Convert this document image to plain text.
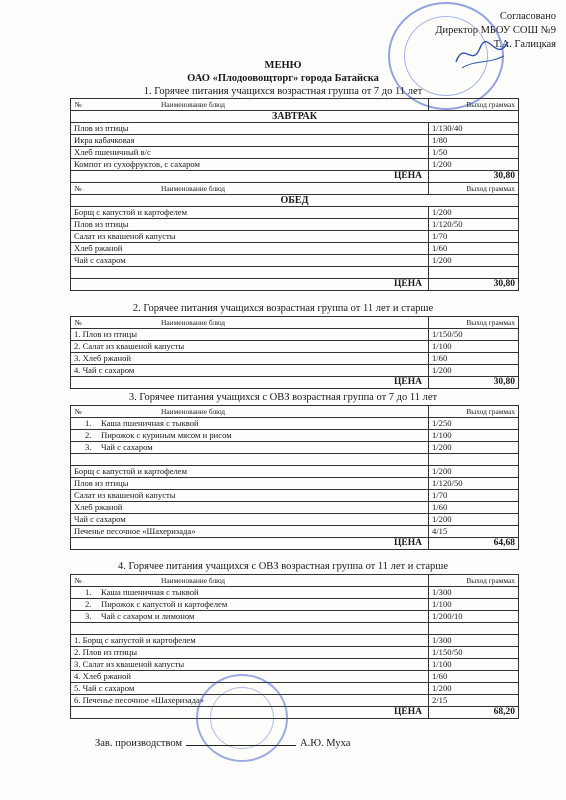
Согласовано
Директор МБОУ СОШ №9
Т.А. Галицкая
МЕНЮ
ОАО «Плодоовощторг» города Батайска
1. Горячее питания учащихся возрастная группа от 7 до 11 лет
№ Наименование блюд	Выход граммах
ЗАВТРАК	
Плов из птицы	1/130/40
Икра кабачковая	1/80
Хлеб пшеничный в/с	1/50
Компот из сухофруктов, с сахаром	1/200
ЦЕНА	30,80

№ Наименование блюд	Выход граммах
ОБЕД	
Борщ с капустой и картофелем	1/200
Плов из птицы	1/120/50
Салат из квашеной капусты	1/70
Хлеб ржаной	1/60
Чай с сахаром	1/200

ЦЕНА	30,80
2. Горячее питания учащихся возрастная группа от 11 лет и старше
№ Наименование блюд	Выход граммах
1. Плов из птицы	1/150/50
2. Салат из квашеной капусты	1/100
3. Хлеб ржаной	1/60
4. Чай с сахаром	1/200
ЦЕНА	30,80
3. Горячее питания учащихся с ОВЗ возрастная группа от 7 до 11 лет
№ Наименование блюд	Выход граммах
1. Каша пшеничная с тыквой	1/250
2. Пирожок с куриным мясом и рисом	1/100
3. Чай с сахаром	1/200

Борщ с капустой и картофелем	1/200
Плов из птицы	1/120/50
Салат из квашеной капусты	1/70
Хлеб ржаной	1/60
Чай с сахаром	1/200
Печенье песочное «Шахеризада»	4/15
ЦЕНА	64,68
4. Горячее питания учащихся с ОВЗ возрастная группа от 11 лет и старше
№ Наименование блюд	Выход граммах
1. Каша пшеничная с тыквой	1/300
2. Пирожок с капустой и картофелем	1/100
3. Чай с сахаром и лимоном	1/200/10

1. Борщ с капустой и картофелем	1/300
2. Плов из птицы	1/150/50
3. Салат из квашеной капусты	1/100
4. Хлеб ржаной	1/60
5. Чай с сахаром	1/200
6. Печенье песочное «Шахеризада»	2/15
ЦЕНА	68,20
Зав. производством	А.Ю. Муха
